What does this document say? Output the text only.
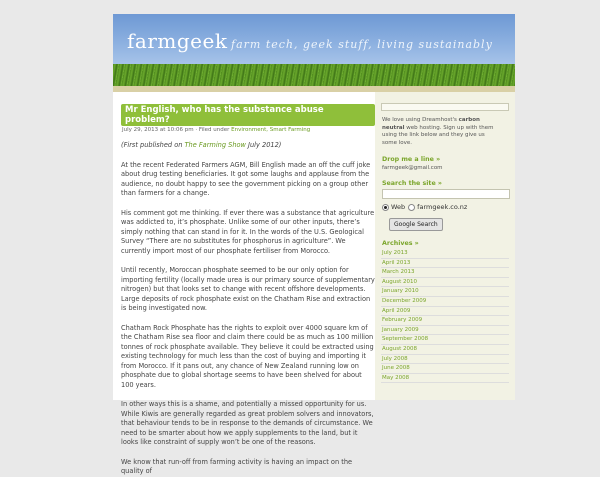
farmgeek farm tech, geek stuff, living sustainably
Mr English, who has the substance abuse problem?
July 29, 2013 at 10:06 pm · Filed under Environment, Smart Farming

(First published on The Farming Show July 2012)

At the recent Federated Farmers AGM, Bill English made an off the cuff joke about drug testing beneficiaries. It got some laughs and applause from the audience, no doubt happy to see the government picking on a group other than farmers for a change.

His comment got me thinking. If ever there was a substance that agriculture was addicted to, it’s phosphate. Unlike some of our other inputs, there’s simply nothing that can stand in for it. In the words of the U.S. Geological Survey “There are no substitutes for phosphorus in agriculture”. We currently import most of our phosphate fertiliser from Morocco.

Until recently, Moroccan phosphate seemed to be our only option for importing fertility (locally made urea is our primary source of supplementary nitrogen) but that looks set to change with recent offshore developments. Large deposits of rock phosphate exist on the Chatham Rise and extraction is being investigated now.

Chatham Rock Phosphate has the rights to exploit over 4000 square km of the Chatham Rise sea floor and claim there could be as much as 100 million tonnes of rock phosphate available. They believe it could be extracted using existing technology for much less than the cost of buying and importing it from Morocco. If it pans out, any chance of New Zealand running low on phosphate due to global shortage seems to have been shelved for about 100 years.

In other ways this is a shame, and potentially a missed opportunity for us. While Kiwis are generally regarded as great problem solvers and innovators, that behaviour tends to be in response to the demands of circumstance. We need to be smarter about how we apply supplements to the land, but it looks like constraint of supply won’t be one of the reasons.

We know that run-off from farming activity is having an impact on the quality of

We love using Dreamhost's carbon neutral web hosting. Sign up with them using the link below and they give us some love.
Drop me a line »
farmgeek@gmail.com
Search the site »
Web farmgeek.co.nz
Google Search
Archives »
July 2013
April 2013
March 2013
August 2010
January 2010
December 2009
April 2009
February 2009
January 2009
September 2008
August 2008
July 2008
June 2008
May 2008
